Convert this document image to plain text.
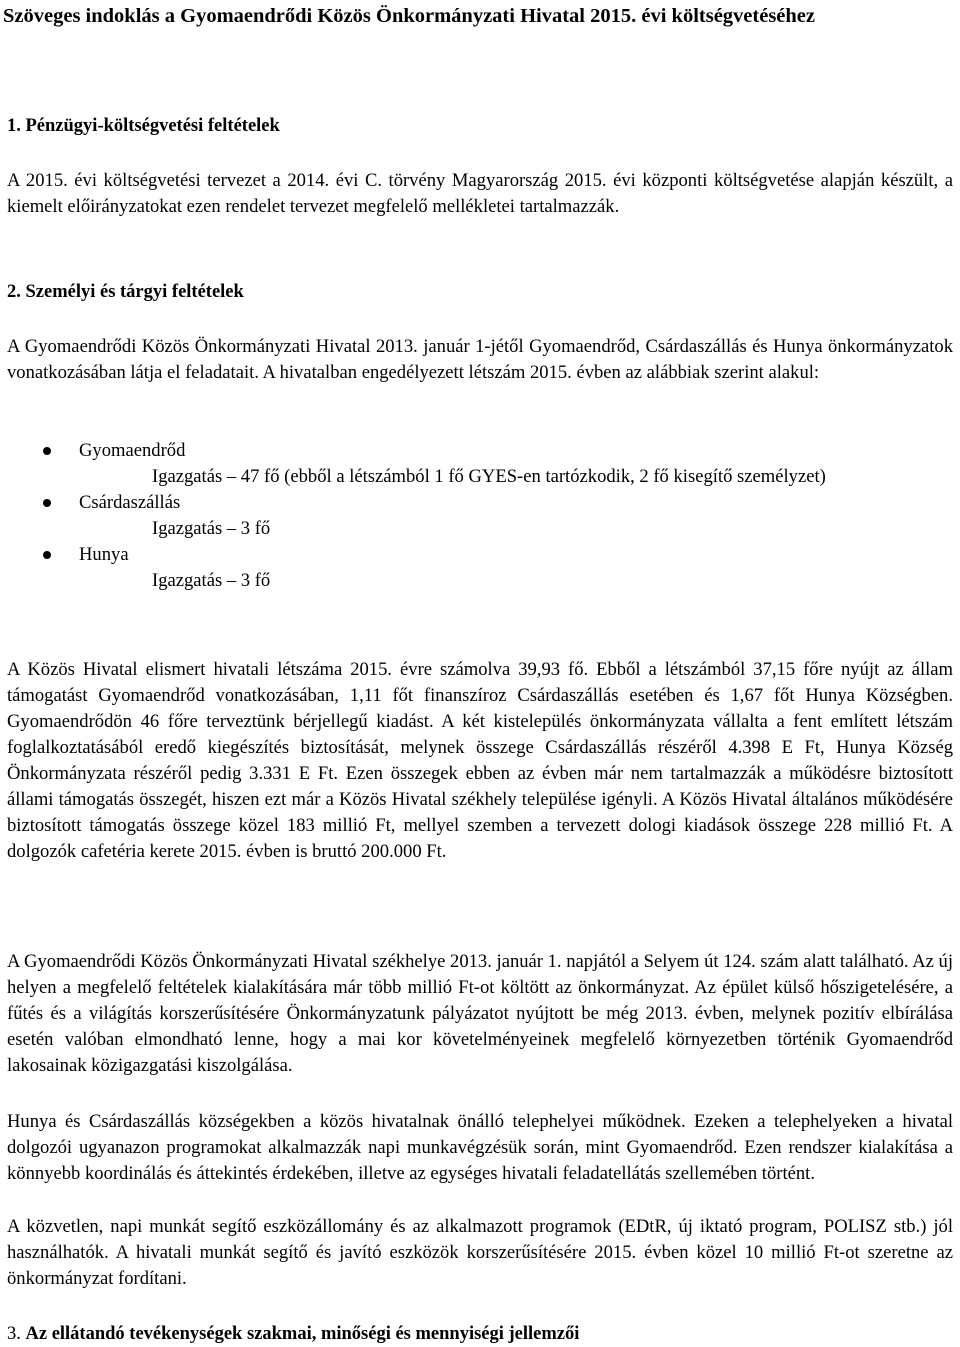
Szöveges indoklás a Gyomaendrődi Közös Önkormányzati Hivatal 2015. évi költségvetéséhez
1. Pénzügyi-költségvetési feltételek

A 2015. évi költségvetési tervezet a 2014. évi C. törvény Magyarország 2015. évi központi költségvetése alapján készült, a kiemelt előirányzatokat ezen rendelet tervezet megfelelő mellékletei tartalmazzák.

2. Személyi és tárgyi feltételek

A Gyomaendrődi Közös Önkormányzati Hivatal 2013. január 1-jétől Gyomaendrőd, Csárdaszállás és Hunya önkormányzatok vonatkozásában látja el feladatait. A hivatalban engedélyezett létszám 2015. évben az alábbiak szerint alakul:

Gyomaendrőd
Igazgatás – 47 fő (ebből a létszámból 1 fő GYES-en tartózkodik, 2 fő kisegítő személyzet)
Csárdaszállás
Igazgatás – 3 fő
Hunya
Igazgatás – 3 fő

A Közös Hivatal elismert hivatali létszáma 2015. évre számolva 39,93 fő. Ebből a létszámból 37,15 főre nyújt az állam támogatást Gyomaendrőd vonatkozásában, 1,11 főt finanszíroz Csárdaszállás esetében és 1,67 főt Hunya Községben. Gyomaendrődön 46 főre terveztünk bérjellegű kiadást. A két kistelepülés önkormányzata vállalta a fent említett létszám foglalkoztatásából eredő kiegészítés biztosítását, melynek összege Csárdaszállás részéről 4.398 E Ft, Hunya Község Önkormányzata részéről pedig 3.331 E Ft. Ezen összegek ebben az évben már nem tartalmazzák a működésre biztosított állami támogatás összegét, hiszen ezt már a Közös Hivatal székhely települése igényli. A Közös Hivatal általános működésére biztosított támogatás összege közel 183 millió Ft, mellyel szemben a tervezett dologi kiadások összege 228 millió Ft. A dolgozók cafetéria kerete 2015. évben is bruttó 200.000 Ft.

A Gyomaendrődi Közös Önkormányzati Hivatal székhelye 2013. január 1. napjától a Selyem út 124. szám alatt található. Az új helyen a megfelelő feltételek kialakítására már több millió Ft-ot költött az önkormányzat. Az épület külső hőszigetelésére, a fűtés és a világítás korszerűsítésére Önkormányzatunk pályázatot nyújtott be még 2013. évben, melynek pozitív elbírálása esetén valóban elmondható lenne, hogy a mai kor követelményeinek megfelelő környezetben történik Gyomaendrőd lakosainak közigazgatási kiszolgálása.

Hunya és Csárdaszállás községekben a közös hivatalnak önálló telephelyei működnek. Ezeken a telephelyeken a hivatal dolgozói ugyanazon programokat alkalmazzák napi munkavégzésük során, mint Gyomaendrőd. Ezen rendszer kialakítása a könnyebb koordinálás és áttekintés érdekében, illetve az egységes hivatali feladatellátás szellemében történt.

A közvetlen, napi munkát segítő eszközállomány és az alkalmazott programok (EDtR, új iktató program, POLISZ stb.) jól használhatók. A hivatali munkát segítő és javító eszközök korszerűsítésére 2015. évben közel 10 millió Ft-ot szeretne az önkormányzat fordítani.

3. Az ellátandó tevékenységek szakmai, minőségi és mennyiségi jellemzői
